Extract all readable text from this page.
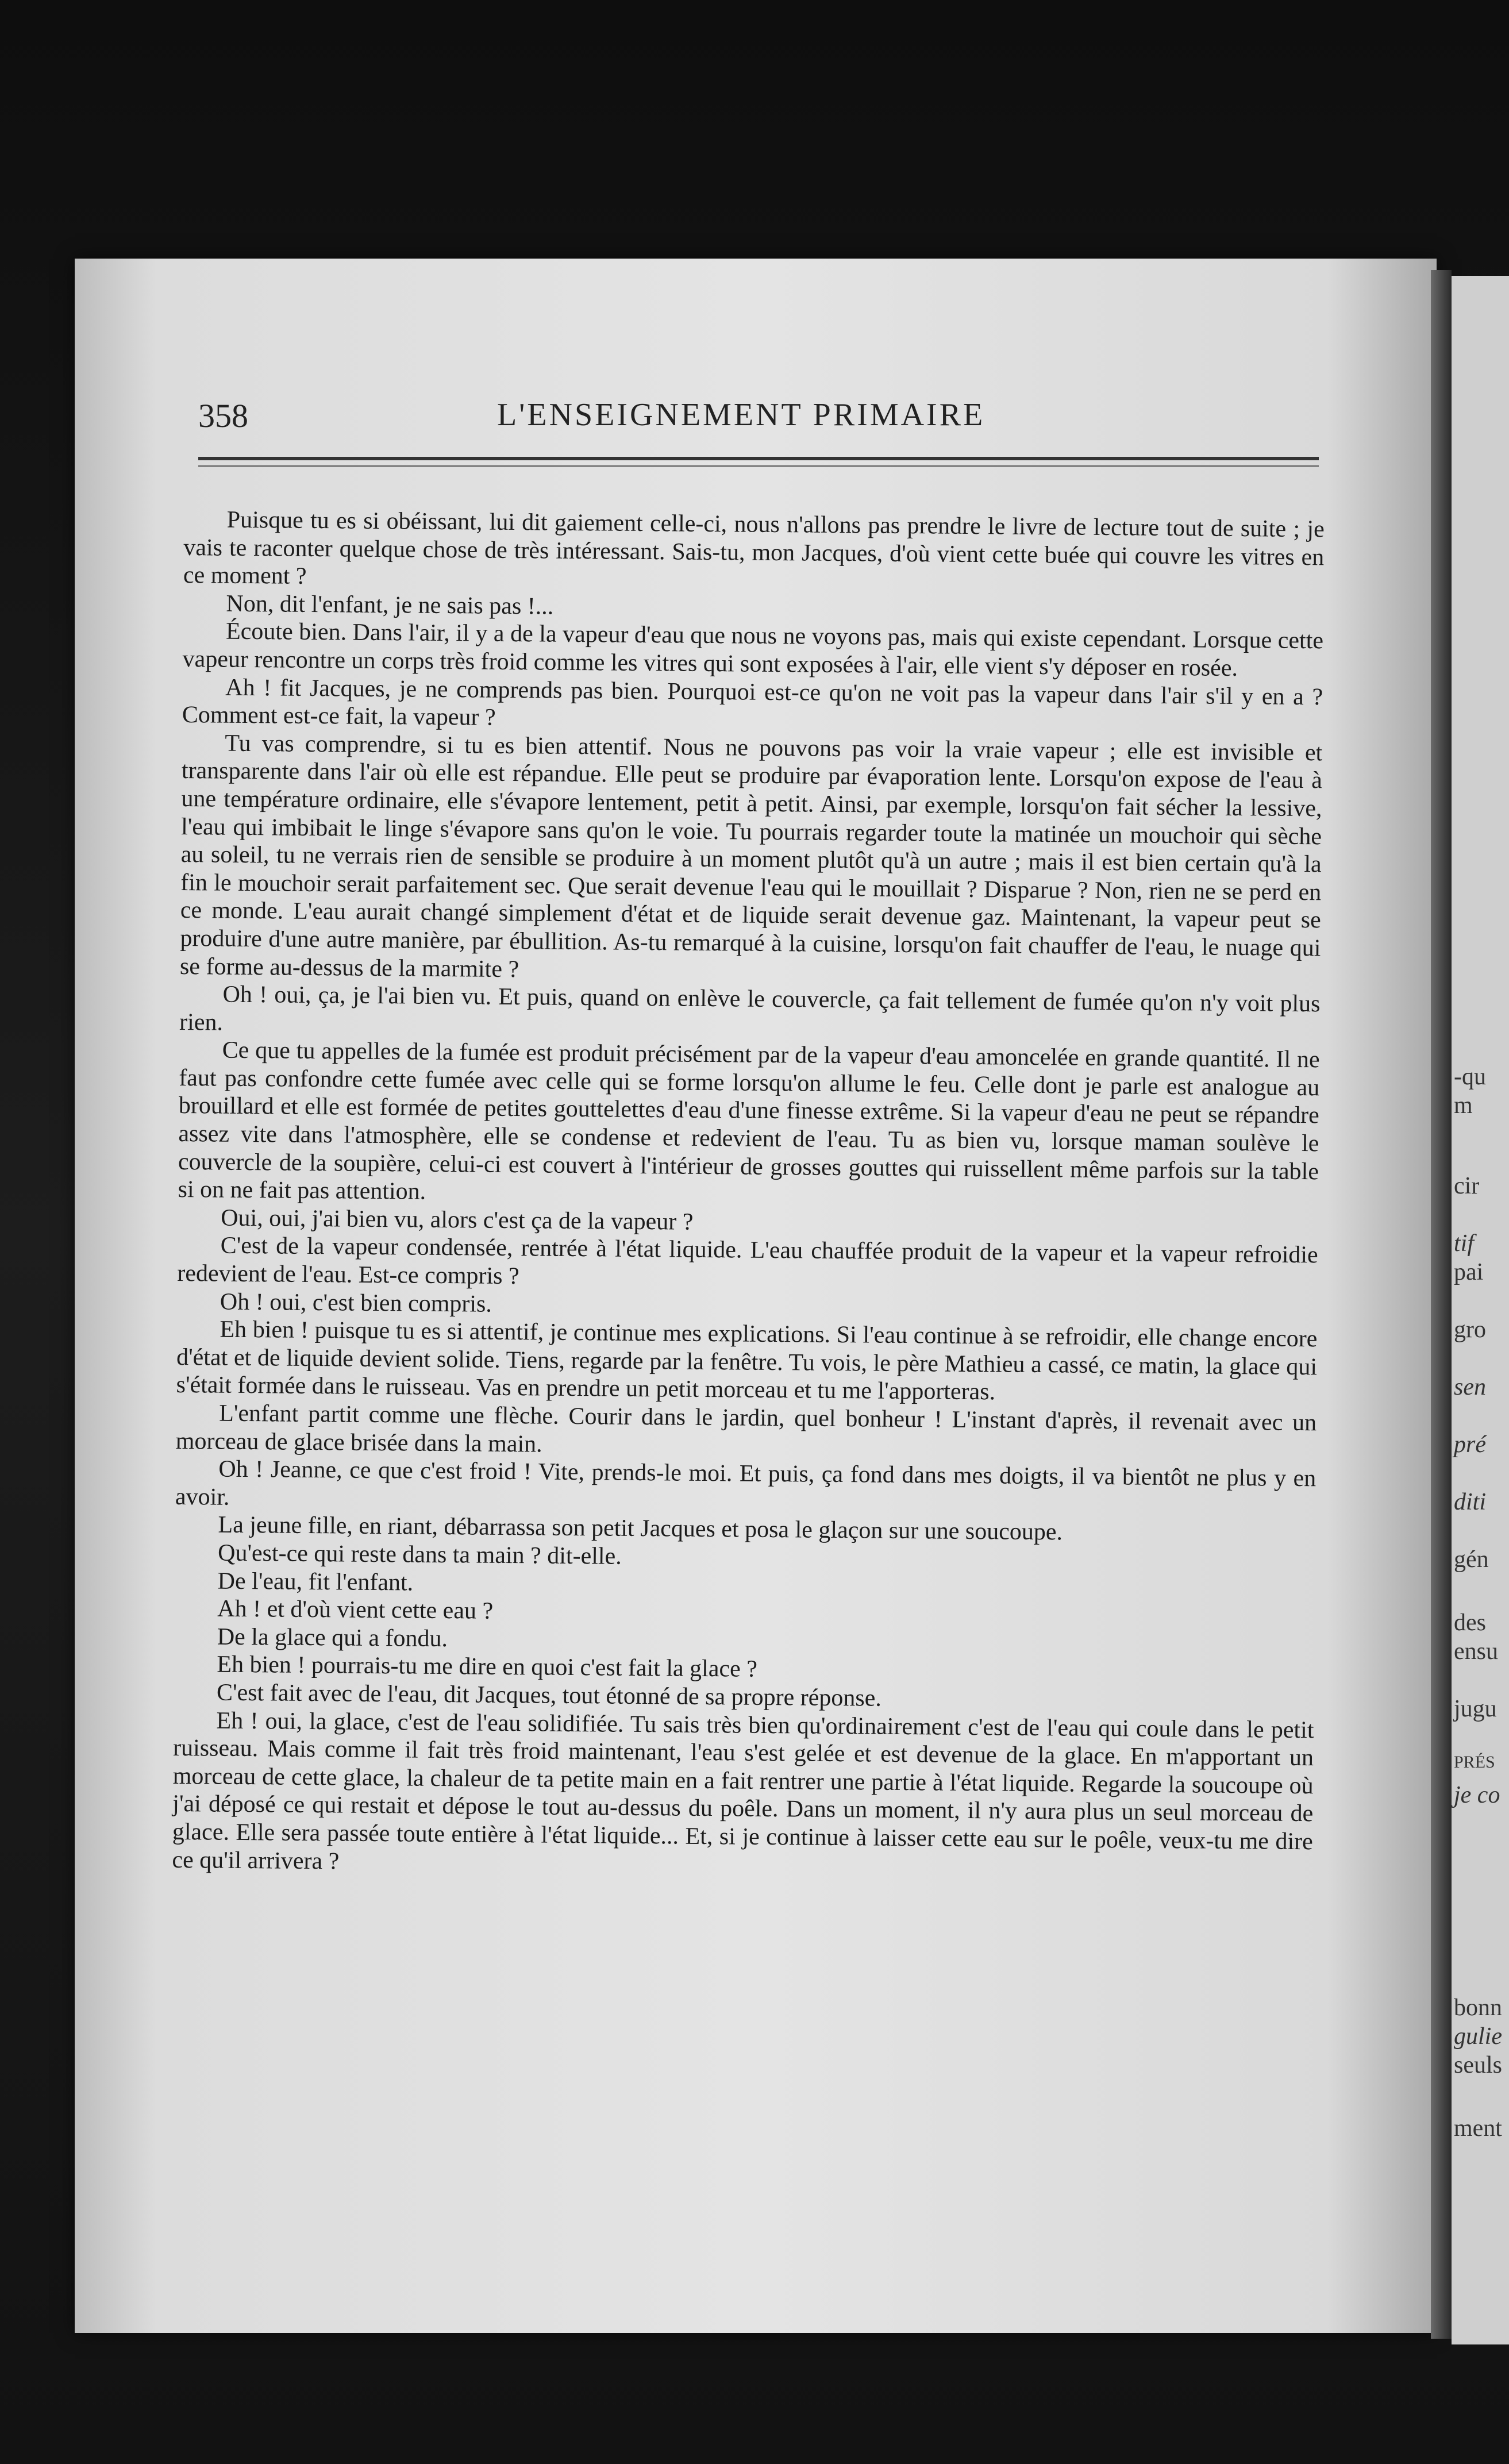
-qu
m
cir
tif
pai
gro
sen
pré
diti
gén
des
ensu
jugu
PRÉS
je co
bonn
gulie
seuls
ment
358	L'ENSEIGNEMENT PRIMAIRE

Puisque tu es si obéissant, lui dit gaiement celle-ci, nous n'allons pas prendre le livre de lecture tout de suite ; je vais te raconter quelque chose de très intéressant. Sais-tu, mon Jacques, d'où vient cette buée qui couvre les vitres en ce moment ?

Non, dit l'enfant, je ne sais pas !...

Écoute bien. Dans l'air, il y a de la vapeur d'eau que nous ne voyons pas, mais qui existe cependant. Lorsque cette vapeur rencontre un corps très froid comme les vitres qui sont exposées à l'air, elle vient s'y déposer en rosée.

Ah ! fit Jacques, je ne comprends pas bien. Pourquoi est-ce qu'on ne voit pas la vapeur dans l'air s'il y en a ? Comment est-ce fait, la vapeur ?

Tu vas comprendre, si tu es bien attentif. Nous ne pouvons pas voir la vraie vapeur ; elle est invisible et transparente dans l'air où elle est répandue. Elle peut se produire par évaporation lente. Lorsqu'on expose de l'eau à une température ordinaire, elle s'évapore lentement, petit à petit. Ainsi, par exemple, lorsqu'on fait sécher la lessive, l'eau qui imbibait le linge s'évapore sans qu'on le voie. Tu pourrais regarder toute la matinée un mouchoir qui sèche au soleil, tu ne verrais rien de sensible se produire à un moment plutôt qu'à un autre ; mais il est bien certain qu'à la fin le mouchoir serait parfaitement sec. Que serait devenue l'eau qui le mouillait ? Disparue ? Non, rien ne se perd en ce monde. L'eau aurait changé simplement d'état et de liquide serait devenue gaz. Maintenant, la vapeur peut se produire d'une autre manière, par ébullition. As-tu remarqué à la cuisine, lorsqu'on fait chauffer de l'eau, le nuage qui se forme au-dessus de la marmite ?

Oh ! oui, ça, je l'ai bien vu. Et puis, quand on enlève le couvercle, ça fait tellement de fumée qu'on n'y voit plus rien.

Ce que tu appelles de la fumée est produit précisément par de la vapeur d'eau amoncelée en grande quantité. Il ne faut pas confondre cette fumée avec celle qui se forme lorsqu'on allume le feu. Celle dont je parle est analogue au brouillard et elle est formée de petites gouttelettes d'eau d'une finesse extrême. Si la vapeur d'eau ne peut se répandre assez vite dans l'atmosphère, elle se condense et redevient de l'eau. Tu as bien vu, lorsque maman soulève le couvercle de la soupière, celui-ci est couvert à l'intérieur de grosses gouttes qui ruissellent même parfois sur la table si on ne fait pas attention.

Oui, oui, j'ai bien vu, alors c'est ça de la vapeur ?

C'est de la vapeur condensée, rentrée à l'état liquide. L'eau chauffée produit de la vapeur et la vapeur refroidie redevient de l'eau. Est-ce compris ?

Oh ! oui, c'est bien compris.

Eh bien ! puisque tu es si attentif, je continue mes explications. Si l'eau continue à se refroidir, elle change encore d'état et de liquide devient solide. Tiens, regarde par la fenêtre. Tu vois, le père Mathieu a cassé, ce matin, la glace qui s'était formée dans le ruisseau. Vas en prendre un petit morceau et tu me l'apporteras.

L'enfant partit comme une flèche. Courir dans le jardin, quel bonheur ! L'instant d'après, il revenait avec un morceau de glace brisée dans la main.

Oh ! Jeanne, ce que c'est froid ! Vite, prends-le moi. Et puis, ça fond dans mes doigts, il va bientôt ne plus y en avoir.

La jeune fille, en riant, débarrassa son petit Jacques et posa le glaçon sur une soucoupe.

Qu'est-ce qui reste dans ta main ? dit-elle.

De l'eau, fit l'enfant.

Ah ! et d'où vient cette eau ?

De la glace qui a fondu.

Eh bien ! pourrais-tu me dire en quoi c'est fait la glace ?

C'est fait avec de l'eau, dit Jacques, tout étonné de sa propre réponse.

Eh ! oui, la glace, c'est de l'eau solidifiée. Tu sais très bien qu'ordinairement c'est de l'eau qui coule dans le petit ruisseau. Mais comme il fait très froid maintenant, l'eau s'est gelée et est devenue de la glace. En m'apportant un morceau de cette glace, la chaleur de ta petite main en a fait rentrer une partie à l'état liquide. Regarde la soucoupe où j'ai déposé ce qui restait et dépose le tout au-dessus du poêle. Dans un moment, il n'y aura plus un seul morceau de glace. Elle sera passée toute entière à l'état liquide... Et, si je continue à laisser cette eau sur le poêle, veux-tu me dire ce qu'il arrivera ?
